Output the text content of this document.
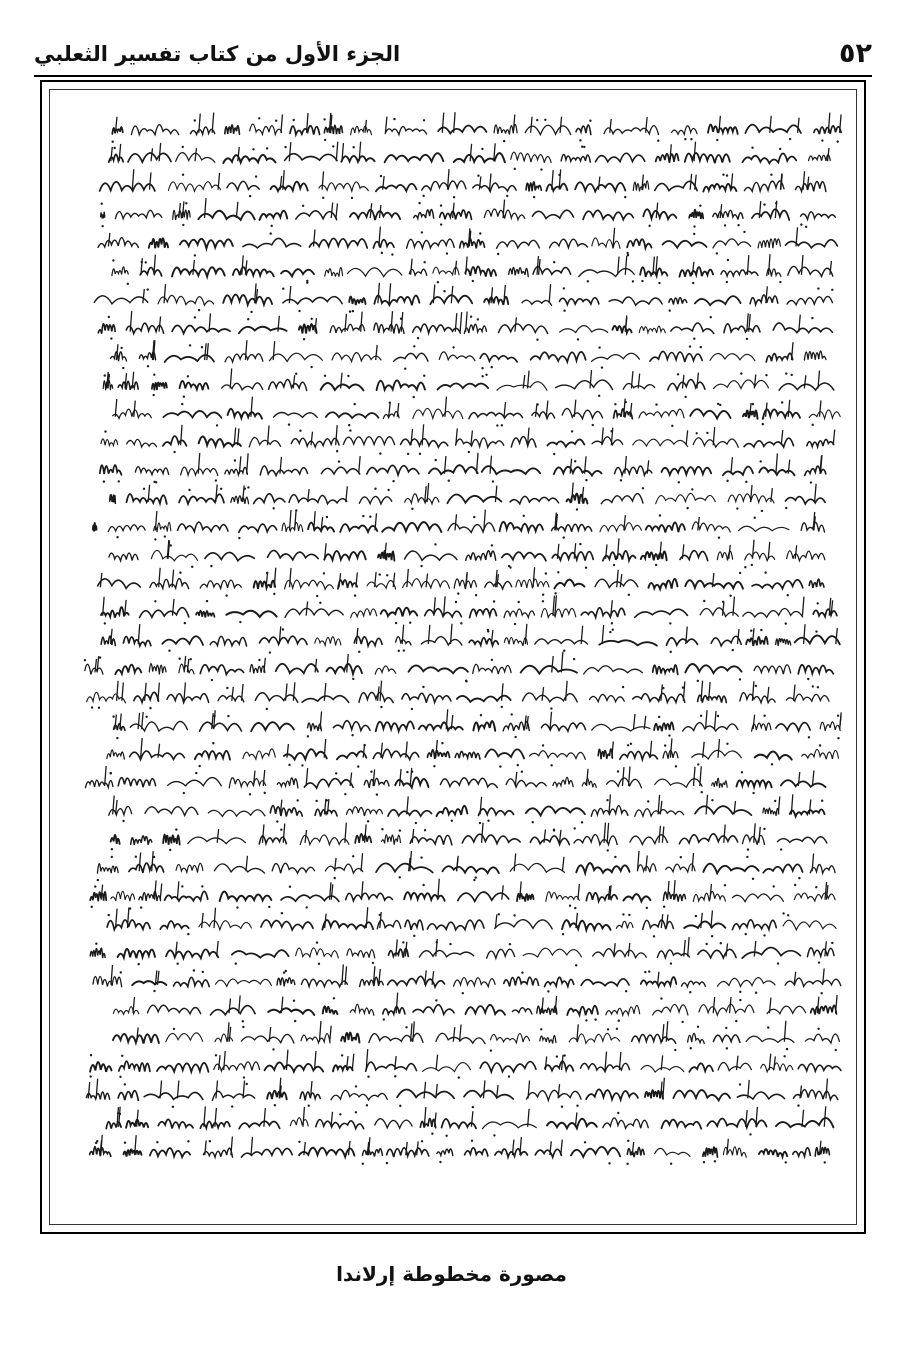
٥٢
الجزء الأول من كتاب تفسير الثعلبي
مصورة مخطوطة إرلاندا
